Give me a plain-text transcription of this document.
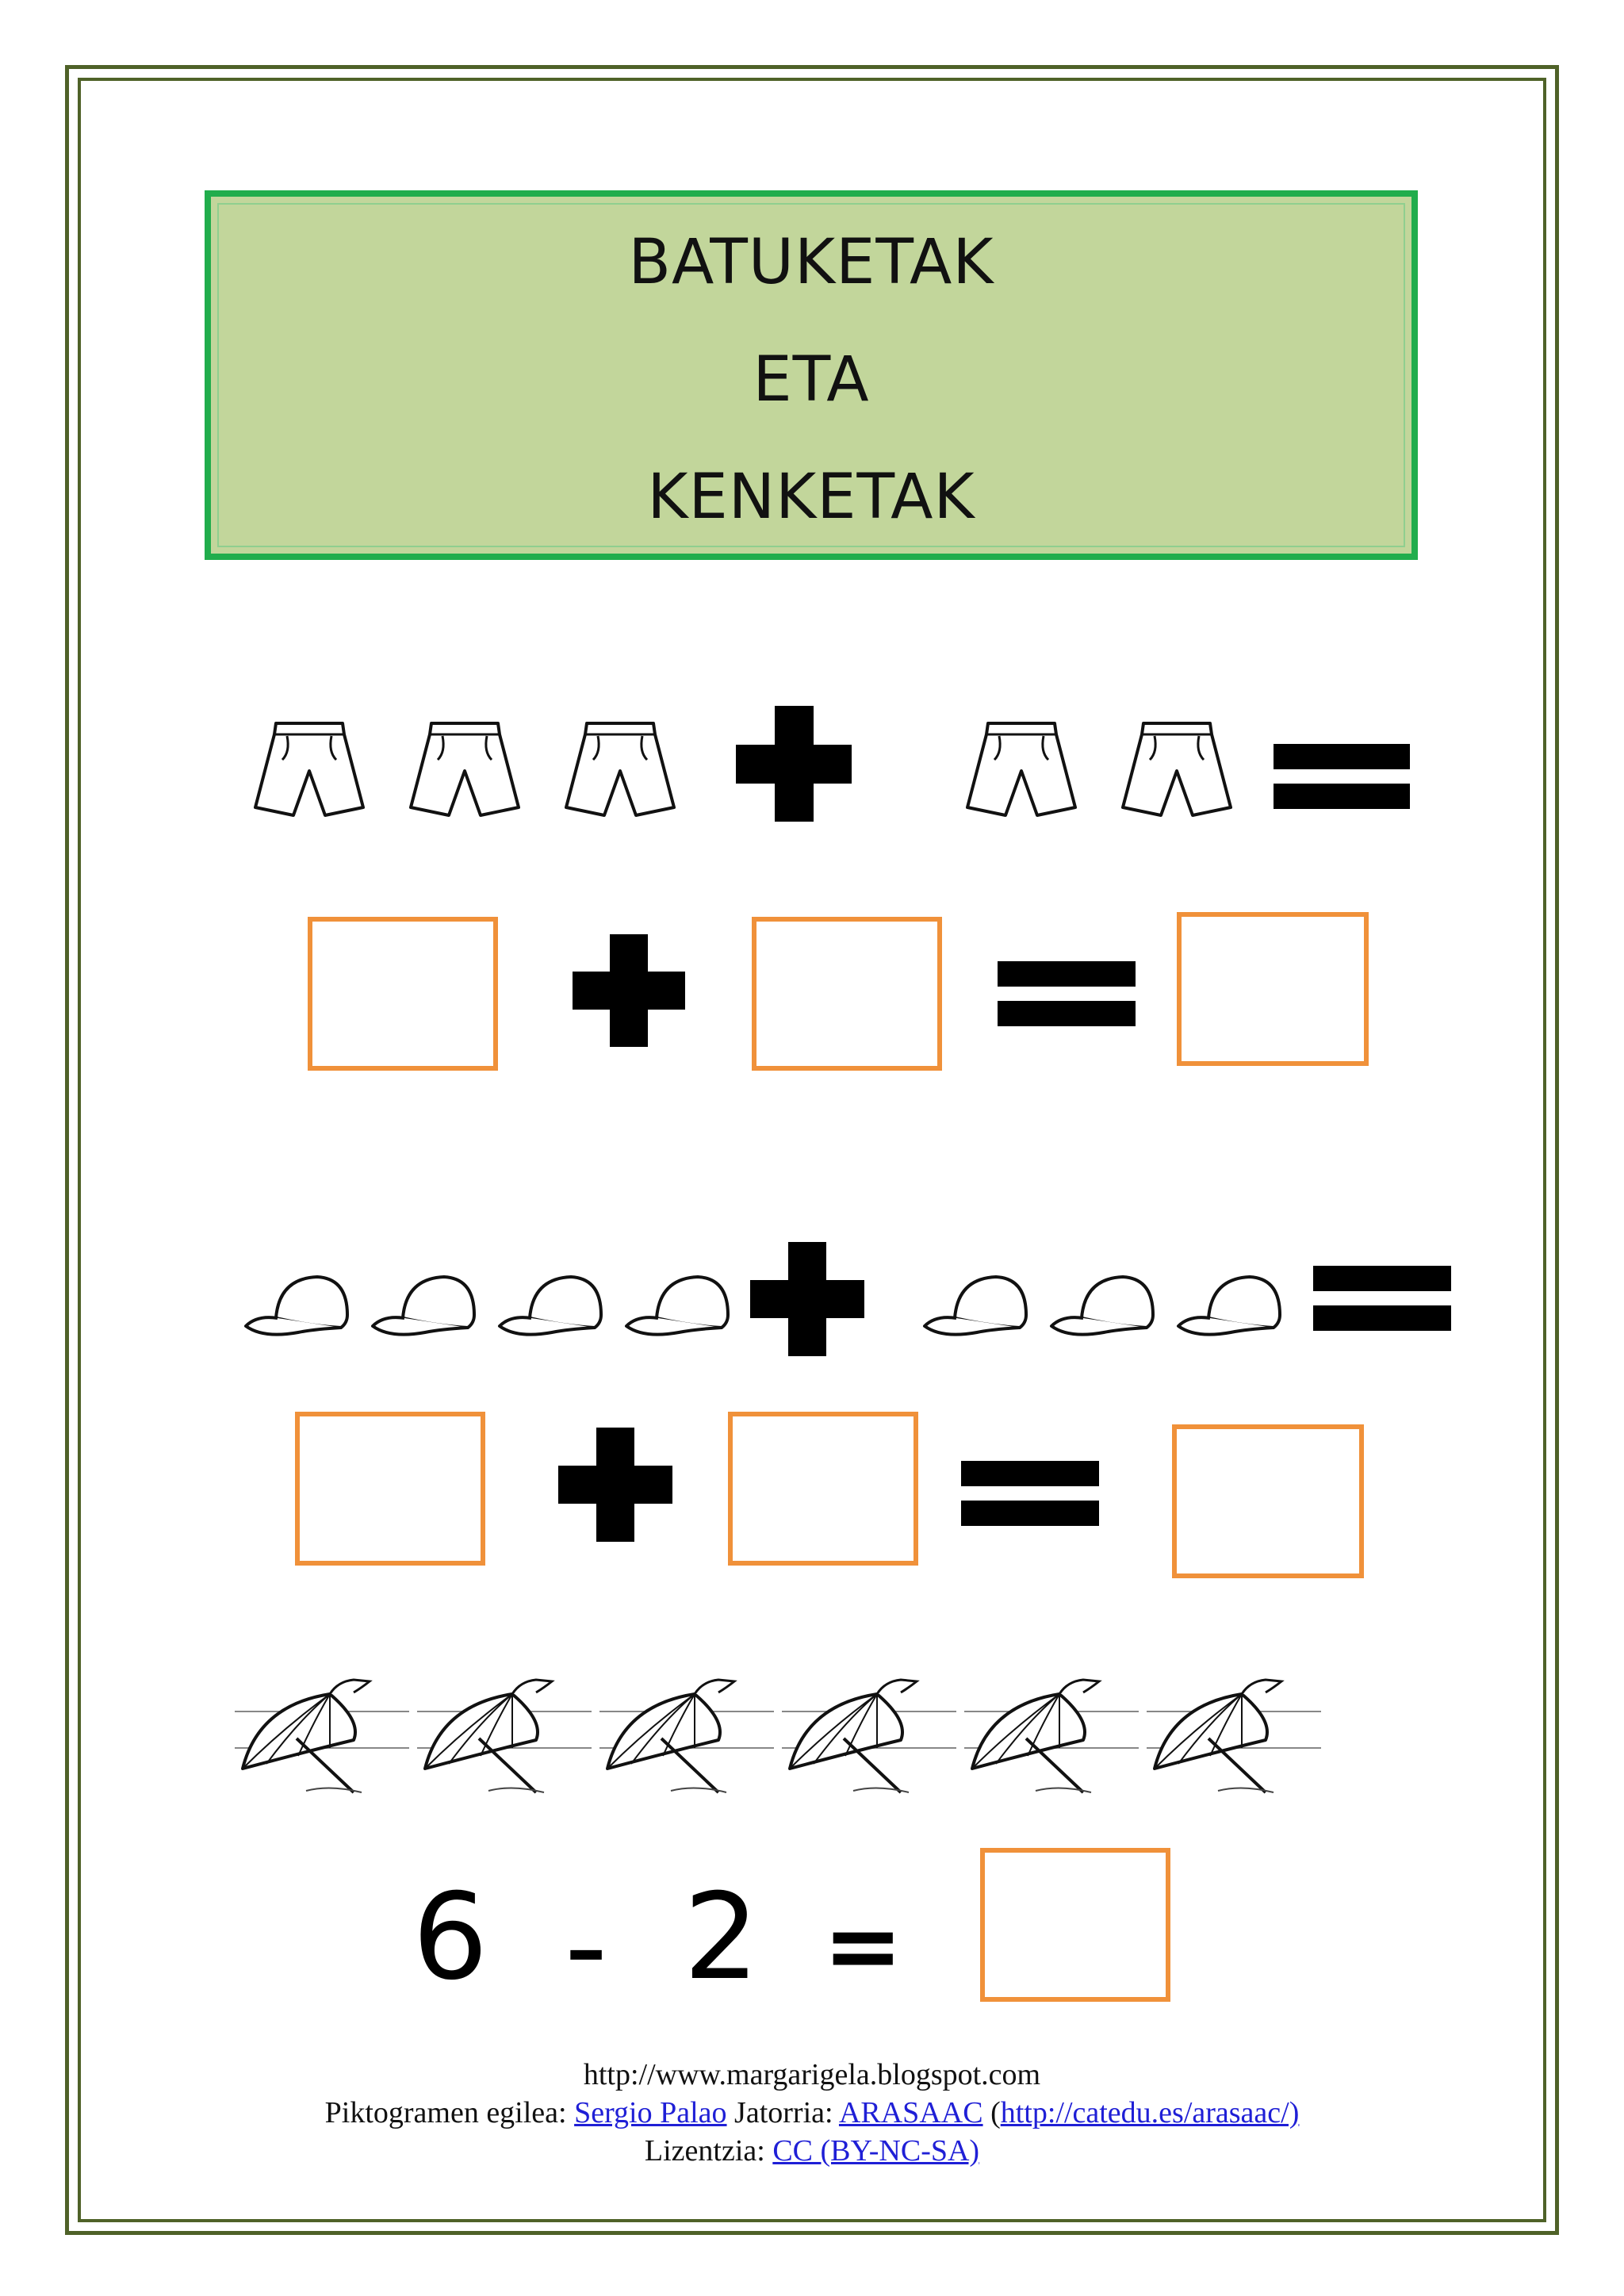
BATUKETAK
ETA
KENKETAK
6 - 2 =
http://www.margarigela.blogspot.com
Piktogramen egilea: Sergio Palao Jatorria: ARASAAC (http://catedu.es/arasaac/)
Lizentzia: CC (BY-NC-SA)
